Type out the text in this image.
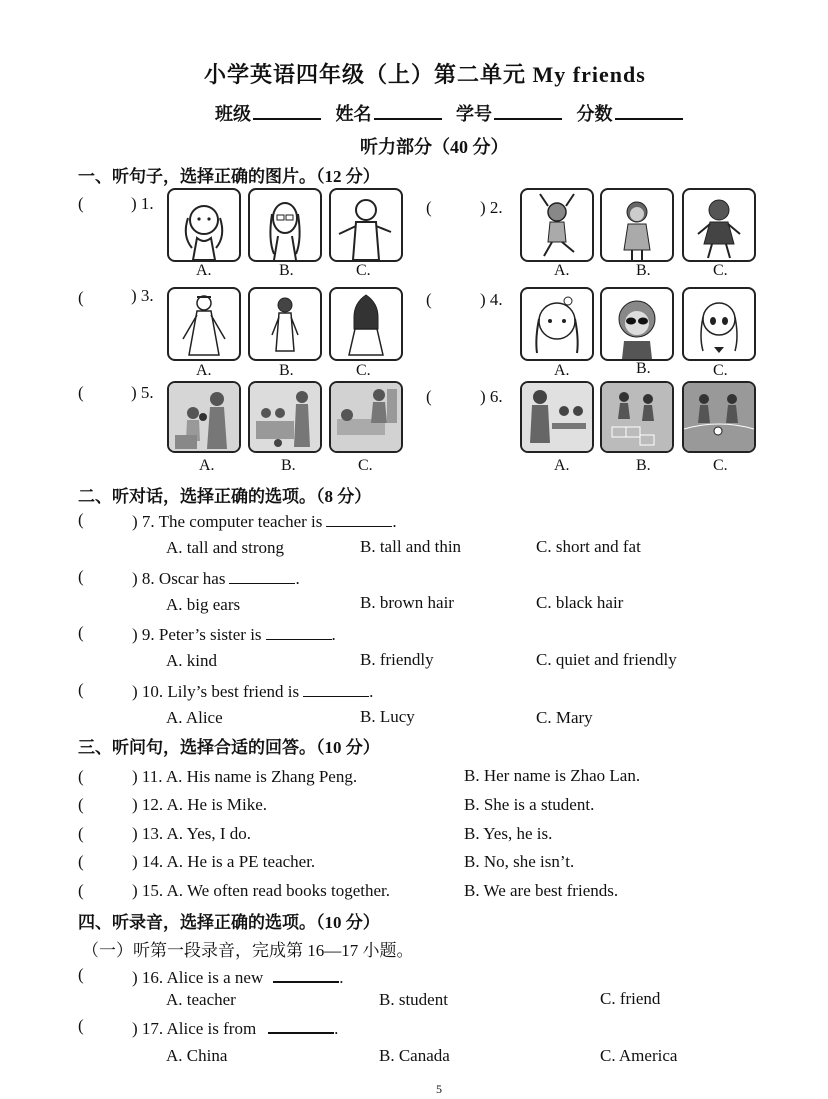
小学英语四年级（上）第二单元 My friends
班级	姓名	学号	分数
听力部分（40 分）
一、听句子，选择正确的图片。（12 分）
(	) 1.
A.	B.	C.
(	) 2.
A.	B.	C.
(	) 3.
A.	B.	C.
(	) 4.
A.	B.	C.
(	) 5.
A.	B.	C.
(	) 6.
A.	B.	C.
二、听对话，选择正确的选项。（8 分）
(	) 7. The computer teacher is	.
A. tall and strong	B. tall and thin	C. short and fat
(	) 8. Oscar has	.
A. big ears	B. brown hair	C. black hair
(	) 9. Peter’s sister is	.
A. kind	B. friendly	C. quiet and friendly
(	) 10. Lily’s best friend is	.
A. Alice	B. Lucy	C. Mary
三、听问句，选择合适的回答。（10 分）
(	) 11. A. His name is Zhang Peng.	B. Her name is Zhao Lan.
(	) 12. A. He is Mike.	B. She is a student.
(	) 13. A. Yes, I do.	B. Yes, he is.
(	) 14. A. He is a PE teacher.	B. No, she isn’t.
(	) 15. A. We often read books together.	B. We are best friends.
四、听录音，选择正确的选项。（10 分）
（一）听第一段录音，完成第 16—17 小题。
(	) 16. Alice is a new	.
A. teacher	B. student	C. friend
(	) 17. Alice is from	.
A. China	B. Canada	C. America
5
